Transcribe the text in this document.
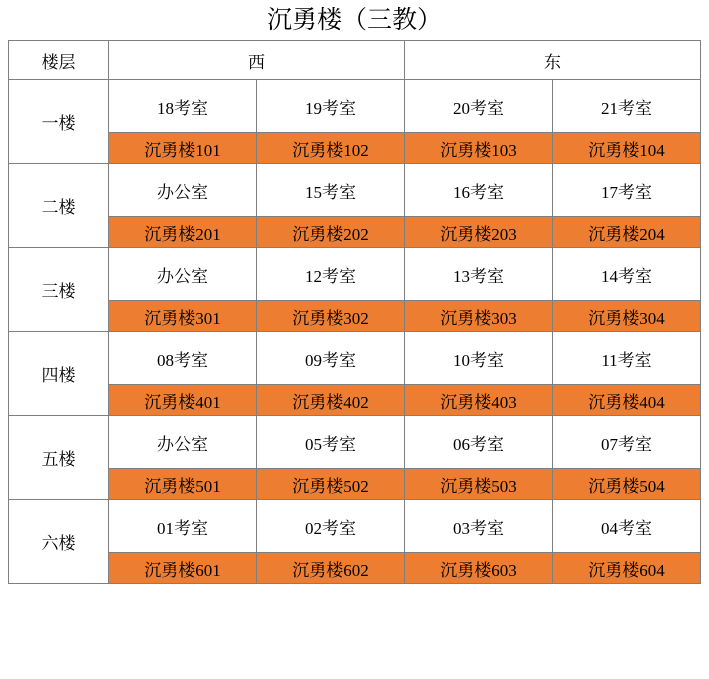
沉勇楼（三教）
楼层	西		东	
一楼	18考室	19考室	20考室	21考室
	沉勇楼101	沉勇楼102	沉勇楼103	沉勇楼104
二楼	办公室	15考室	16考室	17考室
	沉勇楼201	沉勇楼202	沉勇楼203	沉勇楼204
三楼	办公室	12考室	13考室	14考室
	沉勇楼301	沉勇楼302	沉勇楼303	沉勇楼304
四楼	08考室	09考室	10考室	11考室
	沉勇楼401	沉勇楼402	沉勇楼403	沉勇楼404
五楼	办公室	05考室	06考室	07考室
	沉勇楼501	沉勇楼502	沉勇楼503	沉勇楼504
六楼	01考室	02考室	03考室	04考室
	沉勇楼601	沉勇楼602	沉勇楼603	沉勇楼604
